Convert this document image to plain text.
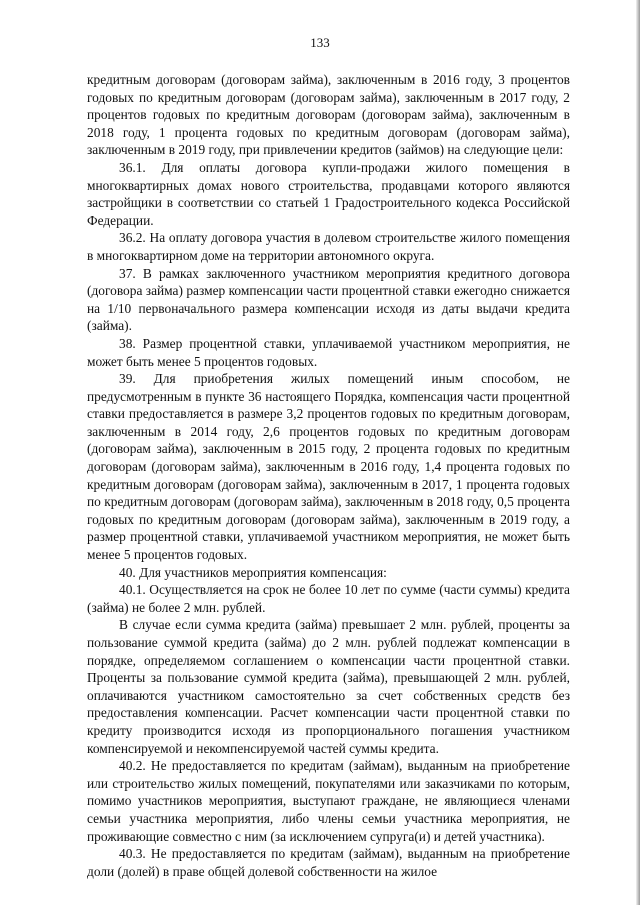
133

кредитным договорам (договорам займа), заключенным в 2016 году, 3 процентов годовых по кредитным договорам (договорам займа), заключенным в 2017 году, 2 процентов годовых по кредитным договорам (договорам займа), заключенным в 2018 году, 1 процента годовых по кредитным договорам (договорам займа), заключенным в 2019 году, при привлечении кредитов (займов) на следующие цели:

36.1. Для оплаты договора купли-продажи жилого помещения в многоквартирных домах нового строительства, продавцами которого являются застройщики в соответствии со статьей 1 Градостроительного кодекса Российской Федерации.

36.2. На оплату договора участия в долевом строительстве жилого помещения в многоквартирном доме на территории автономного округа.

37. В рамках заключенного участником мероприятия кредитного договора (договора займа) размер компенсации части процентной ставки ежегодно снижается на 1/10 первоначального размера компенсации исходя из даты выдачи кредита (займа).

38. Размер процентной ставки, уплачиваемой участником мероприятия, не может быть менее 5 процентов годовых.

39. Для приобретения жилых помещений иным способом, не предусмотренным в пункте 36 настоящего Порядка, компенсация части процентной ставки предоставляется в размере 3,2 процентов годовых по кредитным договорам, заключенным в 2014 году, 2,6 процентов годовых по кредитным договорам (договорам займа), заключенным в 2015 году, 2 процента годовых по кредитным договорам (договорам займа), заключенным в 2016 году, 1,4 процента годовых по кредитным договорам (договорам займа), заключенным в 2017, 1 процента годовых по кредитным договорам (договорам займа), заключенным в 2018 году, 0,5 процента годовых по кредитным договорам (договорам займа), заключенным в 2019 году, а размер процентной ставки, уплачиваемой участником мероприятия, не может быть менее 5 процентов годовых.

40. Для участников мероприятия компенсация:

40.1. Осуществляется на срок не более 10 лет по сумме (части суммы) кредита (займа) не более 2 млн. рублей.

В случае если сумма кредита (займа) превышает 2 млн. рублей, проценты за пользование суммой кредита (займа) до 2 млн. рублей подлежат компенсации в порядке, определяемом соглашением о компенсации части процентной ставки. Проценты за пользование суммой кредита (займа), превышающей 2 млн. рублей, оплачиваются участником самостоятельно за счет собственных средств без предоставления компенсации. Расчет компенсации части процентной ставки по кредиту производится исходя из пропорционального погашения участником компенсируемой и некомпенсируемой частей суммы кредита.

40.2. Не предоставляется по кредитам (займам), выданным на приобретение или строительство жилых помещений, покупателями или заказчиками по которым, помимо участников мероприятия, выступают граждане, не являющиеся членами семьи участника мероприятия, либо члены семьи участника мероприятия, не проживающие совместно с ним (за исключением супруга(и) и детей участника).

40.3. Не предоставляется по кредитам (займам), выданным на приобретение доли (долей) в праве общей долевой собственности на жилое
